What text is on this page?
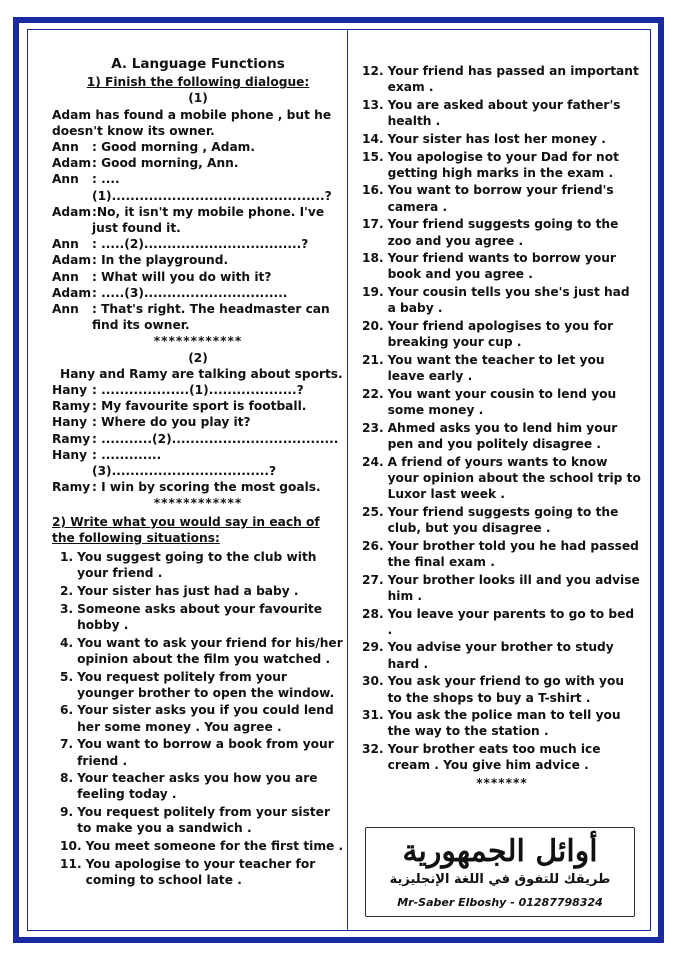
A. Language Functions
1) Finish the following dialogue:
(1)
Adam has found a mobile phone , but he doesn't know its owner.
Ann	: Good morning , Adam.
Adam : Good morning, Ann.
Ann	: ....(1)..............................................?
Adam :No, it isn't my mobile phone. I've just found it.
Ann	: .....(2)..................................?
Adam : In the playground.
Ann	: What will you do with it?
Adam : .....(3)...............................
Ann	: That's right. The headmaster can find its owner.
************
(2)
Hany and Ramy are talking about sports.
Hany : ...................(1)...................?
Ramy : My favourite sport is football.
Hany : Where do you play it?
Ramy : ...........(2)....................................
Hany : .............(3)..................................?
Ramy : I win by scoring the most goals.
************
2) Write what you would say in each of the following situations:
1. You suggest going to the club with your friend .
2. Your sister has just had a baby .
3. Someone asks about your favourite hobby .
4. You want to ask your friend for his/her opinion about the film you watched .
5. You request politely from your younger brother to open the window.
6. Your sister asks you if you could lend her some money . You agree .
7. You want to borrow a book from your friend .
8. Your teacher asks you how you are feeling today .
9. You request politely from your sister to make you a sandwich .
10. You meet someone for the first time .
11. You apologise to your teacher for coming to school late .
12. Your friend has passed an important exam .
13. You are asked about your father's health .
14. Your sister has lost her money .
15. You apologise to your Dad for not getting high marks in the exam .
16. You want to borrow your friend's camera .
17. Your friend suggests going to the zoo and you agree .
18. Your friend wants to borrow your book and you agree .
19. Your cousin tells you she's just had a baby .
20. Your friend apologises to you for breaking your cup .
21. You want the teacher to let you leave early .
22. You want your cousin to lend you some money .
23. Ahmed asks you to lend him your pen and you politely disagree .
24. A friend of yours wants to know your opinion about the school trip to Luxor last week .
25. Your friend suggests going to the club, but you disagree .
26. Your brother told you he had passed the final exam .
27. Your brother looks ill and you advise him .
28. You leave your parents to go to bed .
29. You advise your brother to study hard .
30. You ask your friend to go with you to the shops to buy a T-shirt .
31. You ask the police man to tell you the way to the station .
32. Your brother eats too much ice cream . You give him advice .
*******
أوائل الجمهورية
طريقك للتفوق في اللغة الإنجليزية
Mr-Saber Elboshy - 01287798324
